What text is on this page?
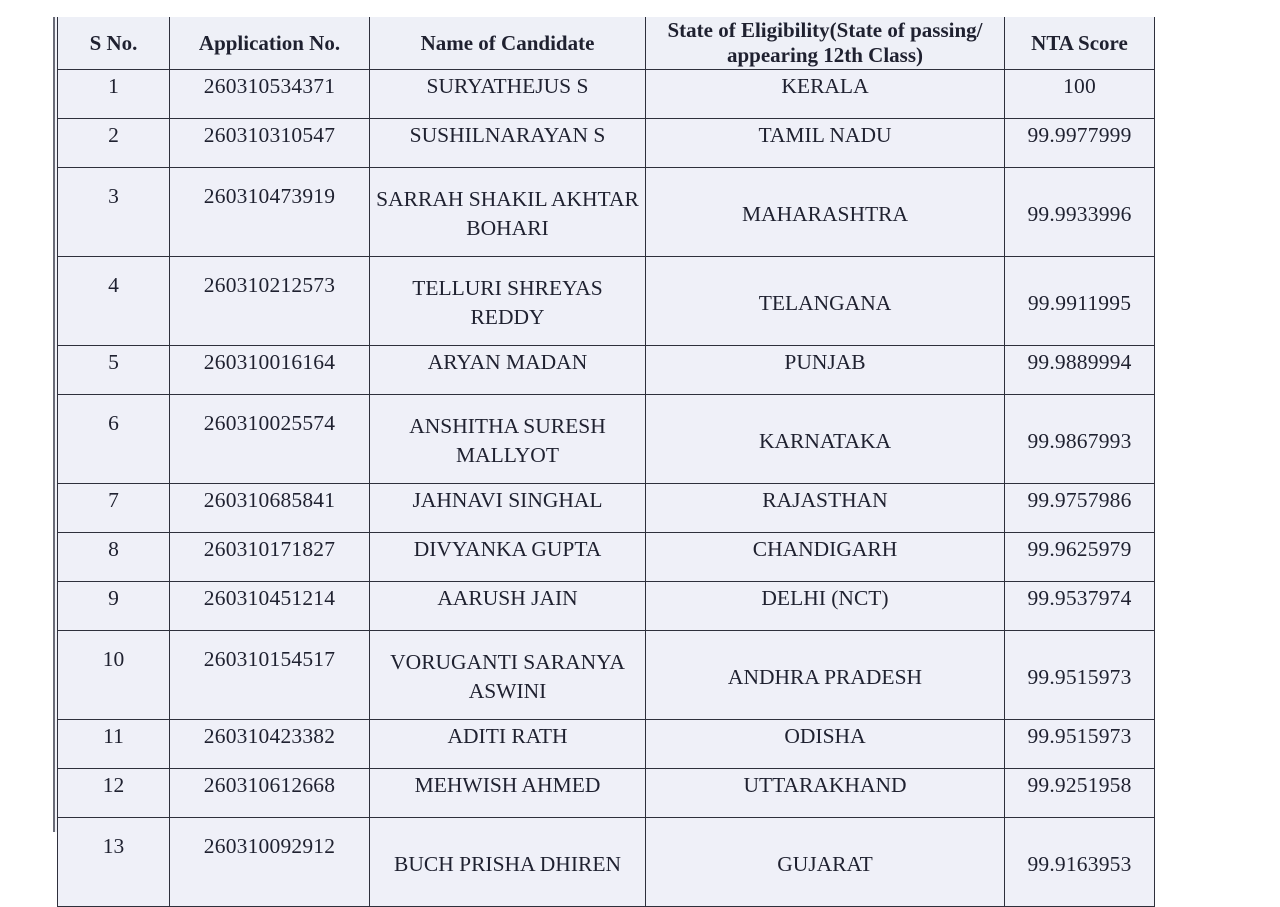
S No.	Application No.	Name of Candidate	State of Eligibility(State of passing/ appearing 12th Class)	NTA Score
1	260310534371	SURYATHEJUS S	KERALA	100
2	260310310547	SUSHILNARAYAN S	TAMIL NADU	99.9977999
3	260310473919	SARRAH SHAKIL AKHTAR BOHARI	MAHARASHTRA	99.9933996
4	260310212573	TELLURI SHREYAS REDDY	TELANGANA	99.9911995
5	260310016164	ARYAN MADAN	PUNJAB	99.9889994
6	260310025574	ANSHITHA SURESH MALLYOT	KARNATAKA	99.9867993
7	260310685841	JAHNAVI SINGHAL	RAJASTHAN	99.9757986
8	260310171827	DIVYANKA GUPTA	CHANDIGARH	99.9625979
9	260310451214	AARUSH JAIN	DELHI (NCT)	99.9537974
10	260310154517	VORUGANTI SARANYA ASWINI	ANDHRA PRADESH	99.9515973
11	260310423382	ADITI RATH	ODISHA	99.9515973
12	260310612668	MEHWISH AHMED	UTTARAKHAND	99.9251958
13	260310092912	BUCH PRISHA DHIREN	GUJARAT	99.9163953
